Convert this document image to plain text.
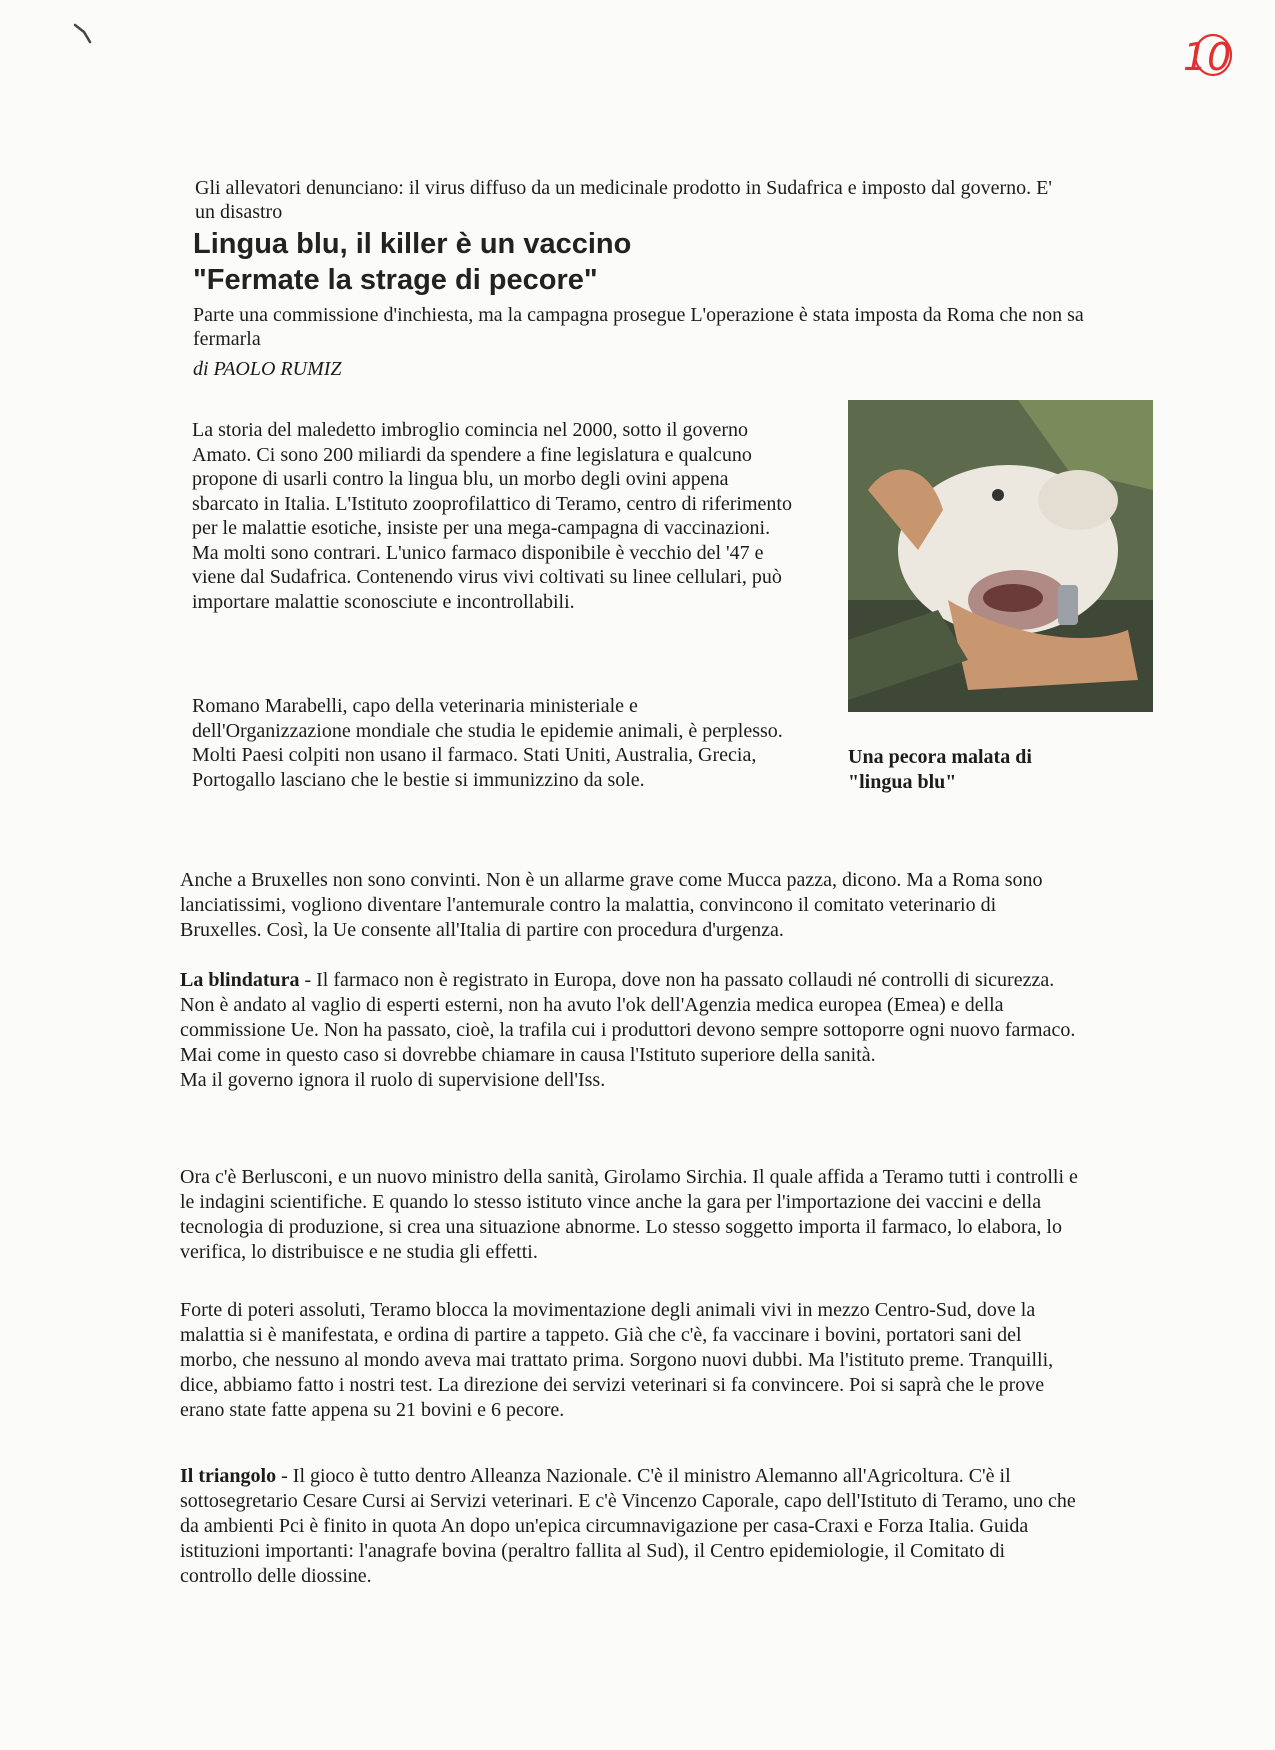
10
Gli allevatori denunciano: il virus diffuso da un medicinale prodotto in Sudafrica e imposto dal governo. E' un disastro
Lingua blu, il killer è un vaccino
"Fermate la strage di pecore"
Parte una commissione d'inchiesta, ma la campagna prosegue L'operazione è stata imposta da Roma che non sa fermarla
di PAOLO RUMIZ

La storia del maledetto imbroglio comincia nel 2000, sotto il governo Amato. Ci sono 200 miliardi da spendere a fine legislatura e qualcuno propone di usarli contro la lingua blu, un morbo degli ovini appena sbarcato in Italia. L'Istituto zooprofilattico di Teramo, centro di riferimento per le malattie esotiche, insiste per una mega-campagna di vaccinazioni. Ma molti sono contrari. L'unico farmaco disponibile è vecchio del '47 e viene dal Sudafrica. Contenendo virus vivi coltivati su linee cellulari, può importare malattie sconosciute e incontrollabili.

Una pecora malata di "lingua blu"

Romano Marabelli, capo della veterinaria ministeriale e dell'Organizzazione mondiale che studia le epidemie animali, è perplesso. Molti Paesi colpiti non usano il farmaco. Stati Uniti, Australia, Grecia, Portogallo lasciano che le bestie si immunizzino da sole.

Anche a Bruxelles non sono convinti. Non è un allarme grave come Mucca pazza, dicono. Ma a Roma sono lanciatissimi, vogliono diventare l'antemurale contro la malattia, convincono il comitato veterinario di Bruxelles. Così, la Ue consente all'Italia di partire con procedura d'urgenza.

La blindatura - Il farmaco non è registrato in Europa, dove non ha passato collaudi né controlli di sicurezza. Non è andato al vaglio di esperti esterni, non ha avuto l'ok dell'Agenzia medica europea (Emea) e della commissione Ue. Non ha passato, cioè, la trafila cui i produttori devono sempre sottoporre ogni nuovo farmaco. Mai come in questo caso si dovrebbe chiamare in causa l'Istituto superiore della sanità.
Ma il governo ignora il ruolo di supervisione dell'Iss.

Ora c'è Berlusconi, e un nuovo ministro della sanità, Girolamo Sirchia. Il quale affida a Teramo tutti i controlli e le indagini scientifiche. E quando lo stesso istituto vince anche la gara per l'importazione dei vaccini e della tecnologia di produzione, si crea una situazione abnorme. Lo stesso soggetto importa il farmaco, lo elabora, lo verifica, lo distribuisce e ne studia gli effetti.

Forte di poteri assoluti, Teramo blocca la movimentazione degli animali vivi in mezzo Centro-Sud, dove la malattia si è manifestata, e ordina di partire a tappeto. Già che c'è, fa vaccinare i bovini, portatori sani del morbo, che nessuno al mondo aveva mai trattato prima. Sorgono nuovi dubbi. Ma l'istituto preme. Tranquilli, dice, abbiamo fatto i nostri test. La direzione dei servizi veterinari si fa convincere. Poi si saprà che le prove erano state fatte appena su 21 bovini e 6 pecore.

Il triangolo - Il gioco è tutto dentro Alleanza Nazionale. C'è il ministro Alemanno all'Agricoltura. C'è il sottosegretario Cesare Cursi ai Servizi veterinari. E c'è Vincenzo Caporale, capo dell'Istituto di Teramo, uno che da ambienti Pci è finito in quota An dopo un'epica circumnavigazione per casa-Craxi e Forza Italia. Guida istituzioni importanti: l'anagrafe bovina (peraltro fallita al Sud), il Centro epidemiologie, il Comitato di controllo delle diossine.
